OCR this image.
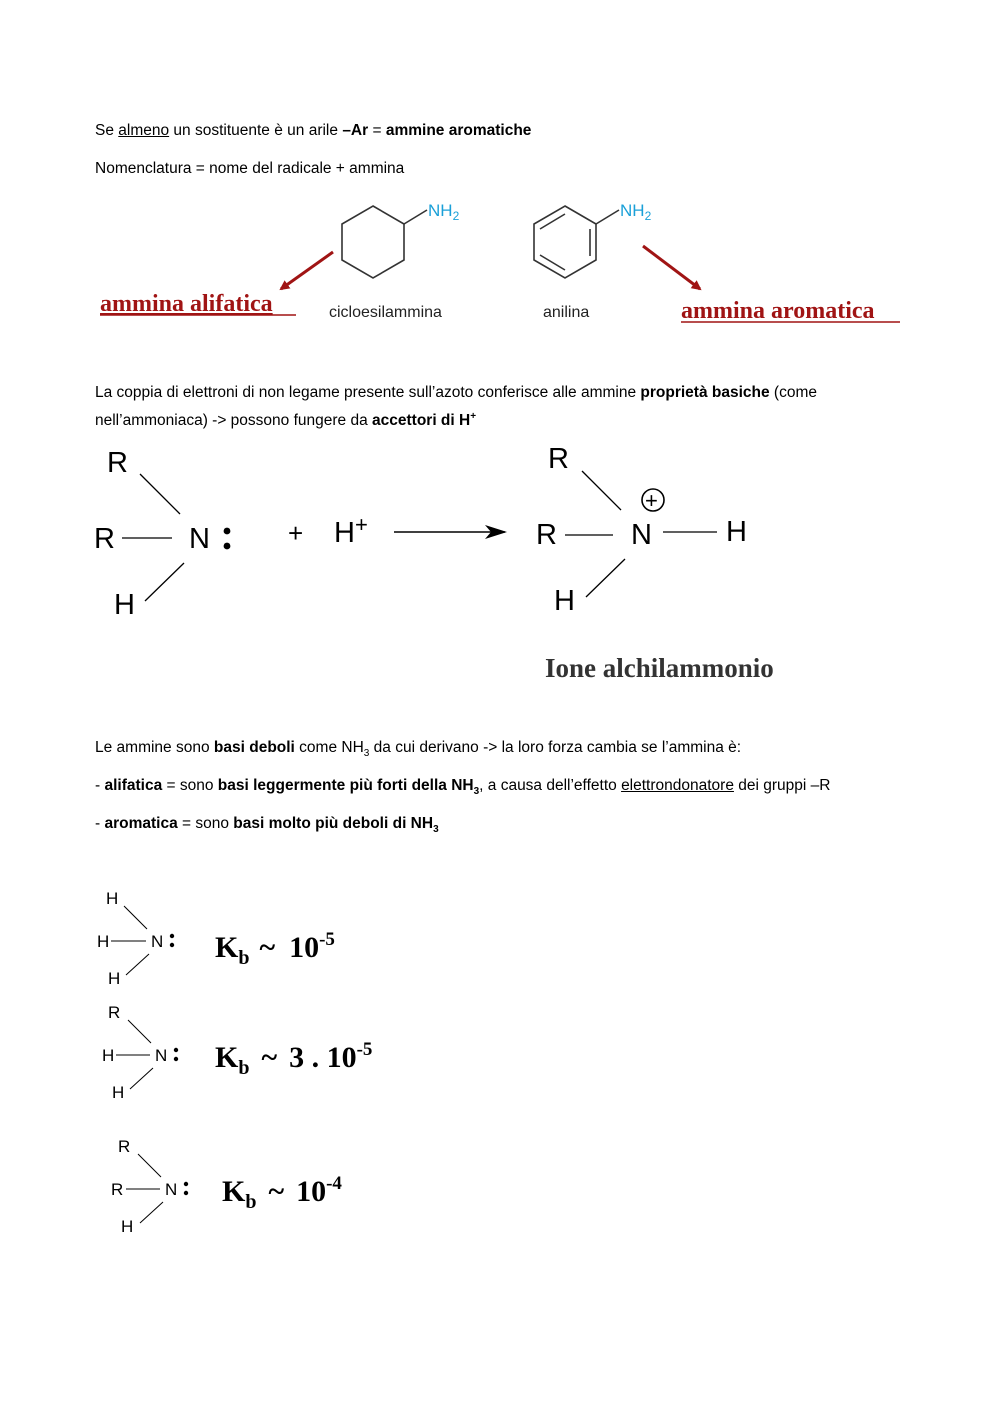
Se almeno un sostituente è un arile –Ar = ammine aromatiche
Nomenclatura = nome del radicale + ammina
$NH_2$	$NH_2$
ammina alifatica	cicloesilammina	anilina	ammina aromatica
La coppia di elettroni di non legame presente sull’azoto conferisce alle ammine proprietà basiche (come
nell’ammoniaca) -> possono fungere da accettori di H+
R
R	N
H
+ H+
R
R	N	H
H
+
Ione alchilammonio
Le ammine sono basi deboli come $NH_3$ da cui derivano -> la loro forza cambia se l’ammina è:
- alifatica = sono basi leggermente più forti della $NH_3$, a causa dell’effetto elettrondonatore dei gruppi –R
- aromatica = sono basi molto più deboli di $NH_3$
H
H N
H
$K_b$ ~ $10^{-5}$
R
H N
H
$K_b$ ~ 3 . $10^{-5}$
R
R N
H
$K_b$ ~ $10^{-4}$
